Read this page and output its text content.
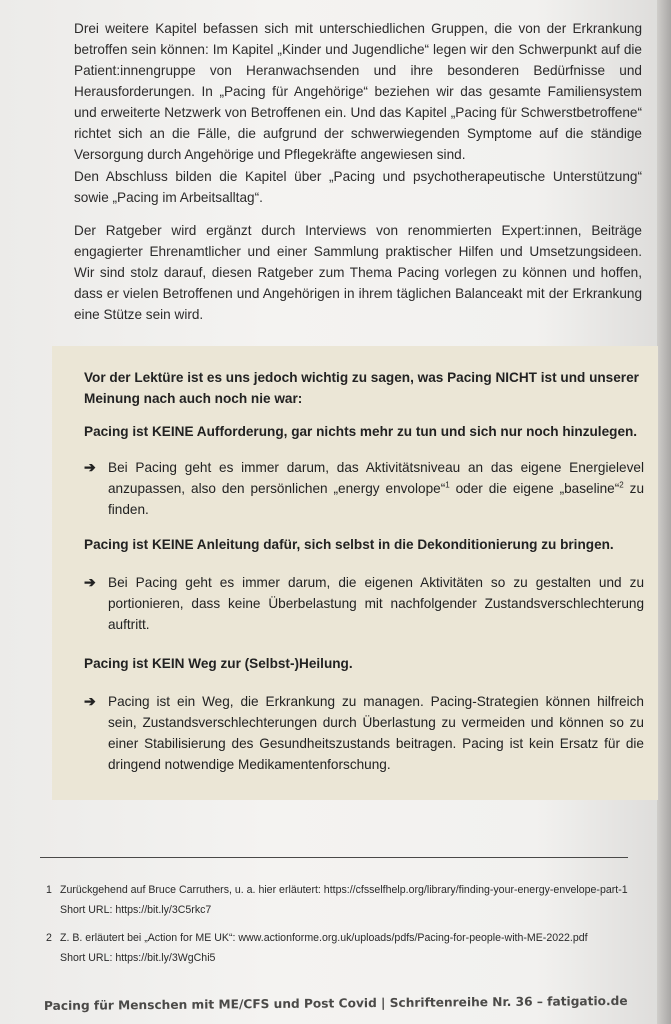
Drei weitere Kapitel befassen sich mit unterschiedlichen Gruppen, die von der Erkrankung betroffen sein können: Im Kapitel „Kinder und Jugendliche“ legen wir den Schwerpunkt auf die Patient:innengruppe von Heranwachsenden und ihre besonderen Bedürfnisse und Herausforderungen. In „Pacing für Angehörige“ beziehen wir das gesamte Familiensystem und erweiterte Netzwerk von Betroffenen ein. Und das Kapitel „Pacing für Schwerstbetroffene“ richtet sich an die Fälle, die aufgrund der schwerwiegenden Symptome auf die ständige Versorgung durch Angehörige und Pflegekräfte angewiesen sind.

Den Abschluss bilden die Kapitel über „Pacing und psychotherapeutische Unterstützung“ sowie „Pacing im Arbeitsalltag“.

Der Ratgeber wird ergänzt durch Interviews von renommierten Expert:innen, Beiträge engagierter Ehrenamtlicher und einer Sammlung praktischer Hilfen und Umsetzungsideen. Wir sind stolz darauf, diesen Ratgeber zum Thema Pacing vorlegen zu können und hoffen, dass er vielen Betroffenen und Angehörigen in ihrem täglichen Balanceakt mit der Erkrankung eine Stütze sein wird.

Vor der Lektüre ist es uns jedoch wichtig zu sagen, was Pacing NICHT ist und unserer Meinung nach auch noch nie war:

Pacing ist KEINE Aufforderung, gar nichts mehr zu tun und sich nur noch hinzulegen.

➔ Bei Pacing geht es immer darum, das Aktivitätsniveau an das eigene Energielevel anzupassen, also den persönlichen „energy envolope“$^1$ oder die eigene „baseline“$^2$ zu finden.

Pacing ist KEINE Anleitung dafür, sich selbst in die Dekonditionierung zu bringen.

➔ Bei Pacing geht es immer darum, die eigenen Aktivitäten so zu gestalten und zu portionieren, dass keine Überbelastung mit nachfolgender Zustandsverschlechterung auftritt.

Pacing ist KEIN Weg zur (Selbst-)Heilung.

➔ Pacing ist ein Weg, die Erkrankung zu managen. Pacing-Strategien können hilfreich sein, Zustandsverschlechterungen durch Überlastung zu vermeiden und können so zu einer Stabilisierung des Gesundheitszustands beitragen. Pacing ist kein Ersatz für die dringend notwendige Medikamentenforschung.
1 Zurückgehend auf Bruce Carruthers, u. a. hier erläutert: https://cfsselfhelp.org/library/finding-your-energy-envelope-part-1
Short URL: https://bit.ly/3C5rkc7
2 Z. B. erläutert bei „Action for ME UK“: www.actionforme.org.uk/uploads/pdfs/Pacing-for-people-with-ME-2022.pdf
Short URL: https://bit.ly/3WgChi5
Pacing für Menschen mit ME/CFS und Post Covid | Schriftenreihe Nr. 36 – fatigatio.de
